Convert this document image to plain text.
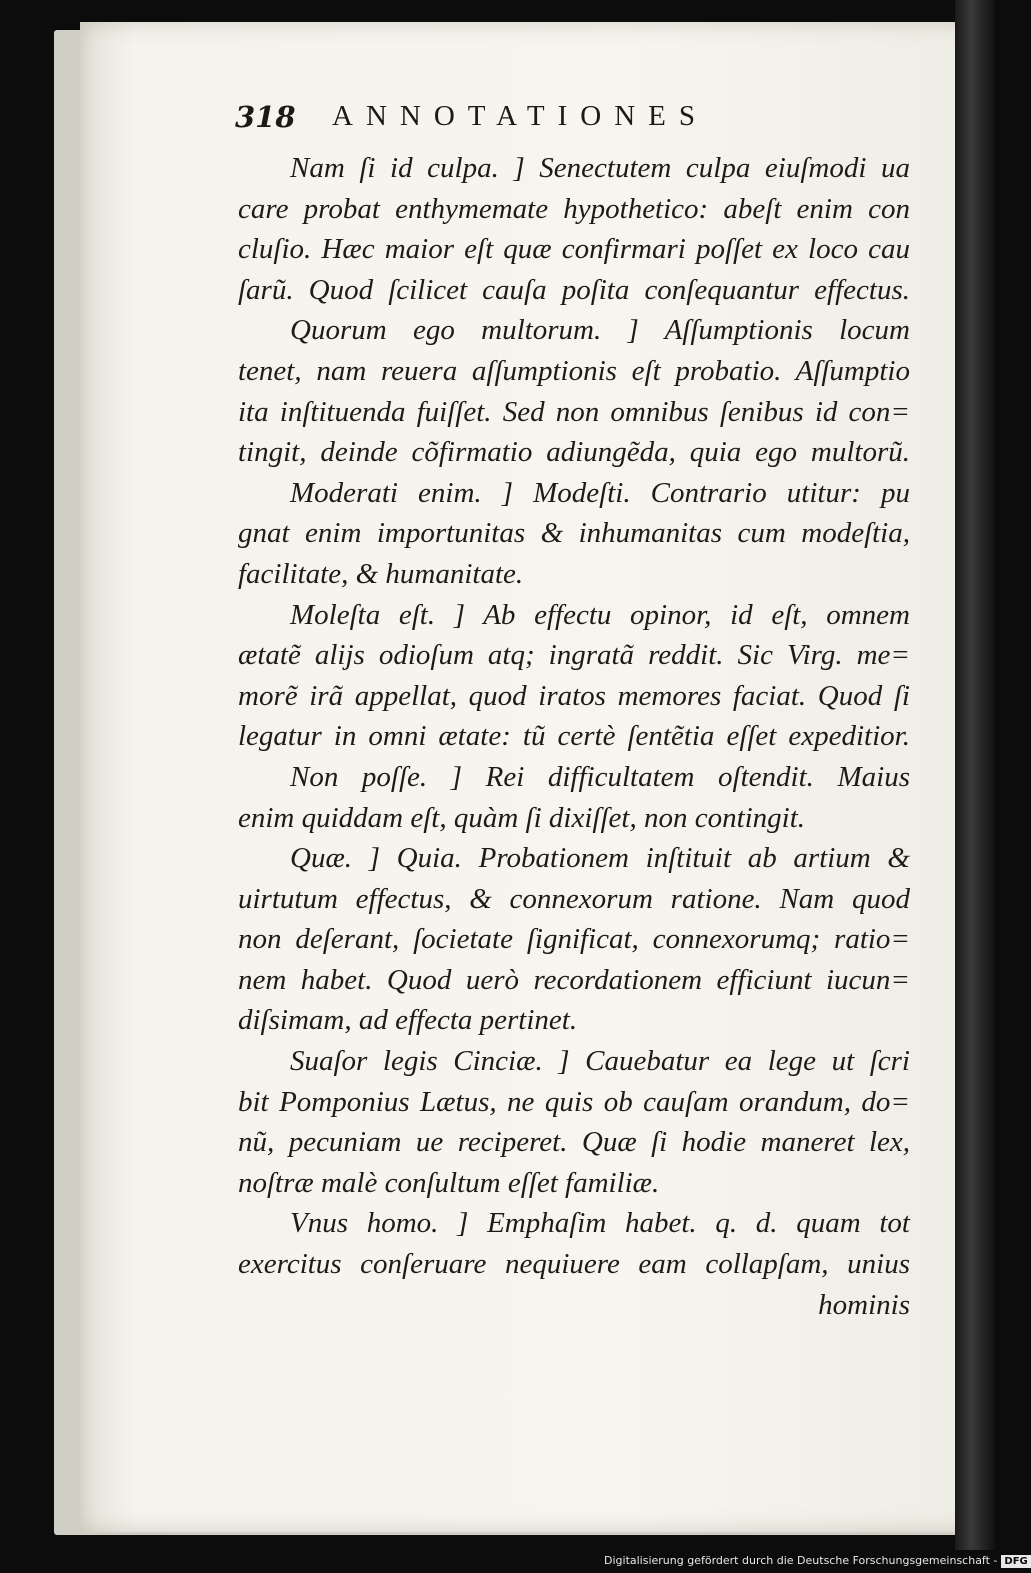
318 ANNOTATIONES
Nam ſi id culpa. ] Senectutem culpa eiuſmodi ua
care probat enthymemate hypothetico: abeſt enim con
cluſio. Hæc maior eſt quæ confirmari poſſet ex loco cau
ſarũ. Quod ſcilicet cauſa poſita conſequantur effectus.
Quorum ego multorum. ] Aſſumptionis locum
tenet, nam reuera aſſumptionis eſt probatio. Aſſumptio
ita inſtituenda fuiſſet. Sed non omnibus ſenibus id con=
tingit, deinde cõfirmatio adiungẽda, quia ego multorũ.
Moderati enim. ] Modeſti. Contrario utitur: pu
gnat enim importunitas & inhumanitas cum modeſtia,
facilitate, & humanitate.
Moleſta eſt. ] Ab effectu opinor, id eſt, omnem
ætatẽ alijs odioſum atq; ingratã reddit. Sic Virg. me=
morẽ irã appellat, quod iratos memores faciat. Quod ſi
legatur in omni ætate: tũ certè ſentẽtia eſſet expeditior.
Non poſſe. ] Rei difficultatem oſtendit. Maius
enim quiddam eſt, quàm ſi dixiſſet, non contingit.
Quæ. ] Quia. Probationem inſtituit ab artium &
uirtutum effectus, & connexorum ratione. Nam quod
non deſerant, ſocietate ſignificat, connexorumq; ratio=
nem habet. Quod uerò recordationem efficiunt iucun=
diſsimam, ad effecta pertinet.
Suaſor legis Cinciæ. ] Cauebatur ea lege ut ſcri
bit Pomponius Lætus, ne quis ob cauſam orandum, do=
nũ, pecuniam ue reciperet. Quæ ſi hodie maneret lex,
noſtræ malè conſultum eſſet familiæ.
Vnus homo. ] Emphaſim habet. q. d. quam tot
exercitus conſeruare nequiuere eam collapſam, unius
hominis
Digitalisierung gefördert durch die Deutsche Forschungsgemeinschaft - DFG
